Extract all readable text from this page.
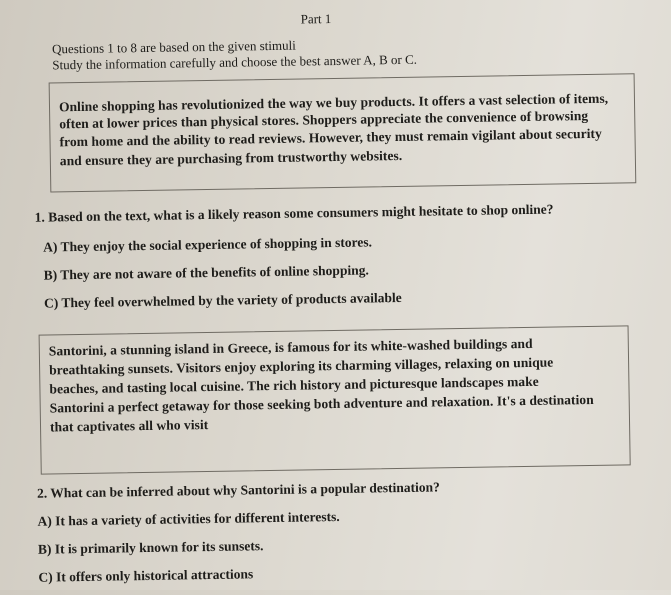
Part 1
Questions 1 to 8 are based on the given stimuli
Study the information carefully and choose the best answer A, B or C.
Online shopping has revolutionized the way we buy products. It offers a vast selection of items,
often at lower prices than physical stores. Shoppers appreciate the convenience of browsing
from home and the ability to read reviews. However, they must remain vigilant about security
and ensure they are purchasing from trustworthy websites.
1. Based on the text, what is a likely reason some consumers might hesitate to shop online?
A) They enjoy the social experience of shopping in stores.
B) They are not aware of the benefits of online shopping.
C) They feel overwhelmed by the variety of products available
Santorini, a stunning island in Greece, is famous for its white-washed buildings and
breathtaking sunsets. Visitors enjoy exploring its charming villages, relaxing on unique
beaches, and tasting local cuisine. The rich history and picturesque landscapes make
Santorini a perfect getaway for those seeking both adventure and relaxation. It's a destination
that captivates all who visit
2. What can be inferred about why Santorini is a popular destination?
A) It has a variety of activities for different interests.
B) It is primarily known for its sunsets.
C) It offers only historical attractions
